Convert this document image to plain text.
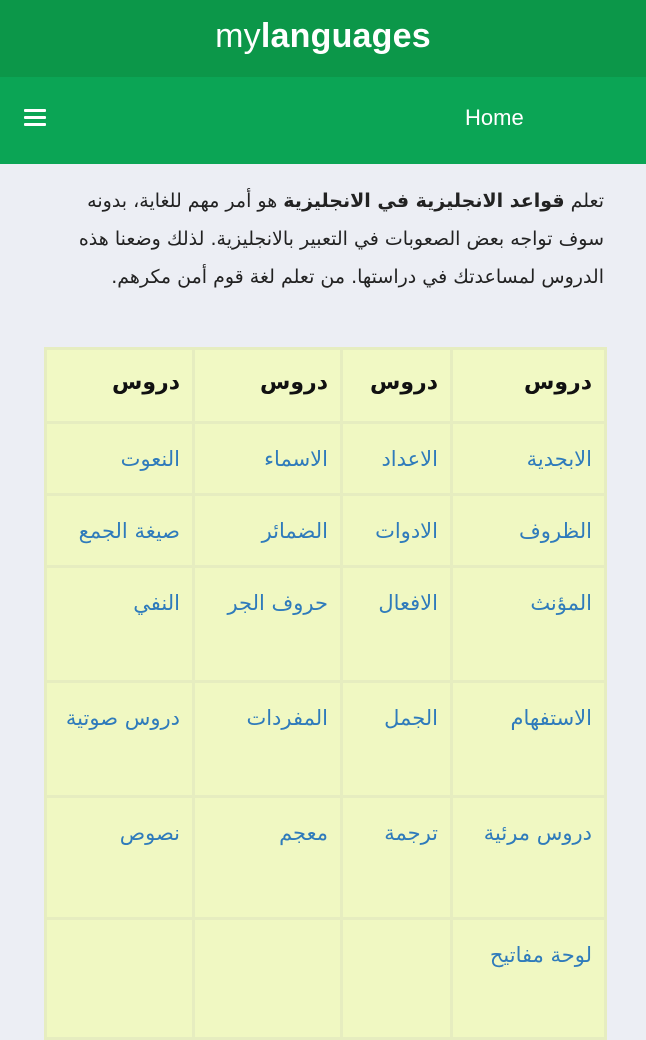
mylanguages
Home
تعلم قواعد الانجليزية في الانجليزية هو أمر مهم للغاية، بدونه سوف تواجه بعض الصعوبات في التعبير بالانجليزية. لذلك وضعنا هذه الدروس لمساعدتك في دراستها. من تعلم لغة قوم أمن مكرهم.
دروس	دروس	دروس	دروس
الابجدية	الاعداد	الاسماء	النعوت
الظروف	الادوات	الضمائر	صيغة الجمع
المؤنث	الافعال	حروف الجر	النفي
الاستفهام	الجمل	المفردات	دروس صوتية
دروس مرئية	ترجمة	معجم	نصوص
لوحة مفاتيح			
